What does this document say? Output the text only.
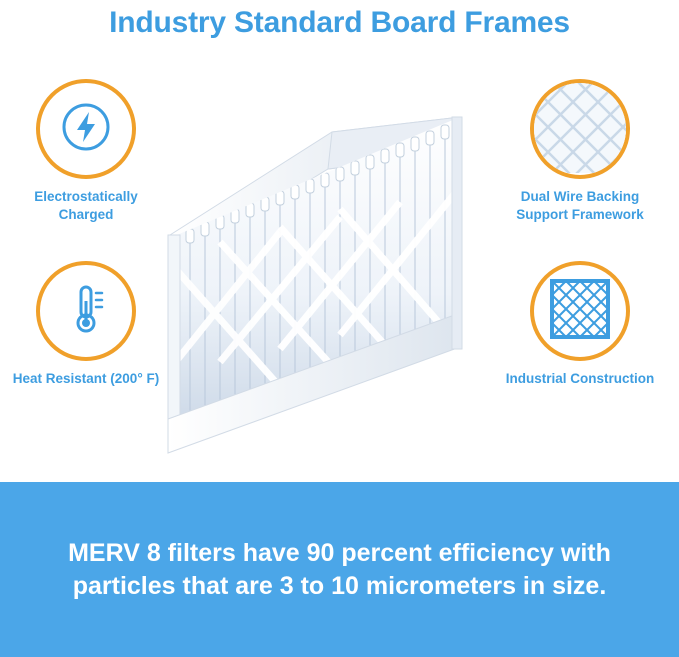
Industry Standard Board Frames
Electrostatically Charged
Heat Resistant (200° F)
Dual Wire Backing Support Framework
Industrial Construction
MERV 8 filters have 90 percent efficiency with particles that are 3 to 10 micrometers in size.
